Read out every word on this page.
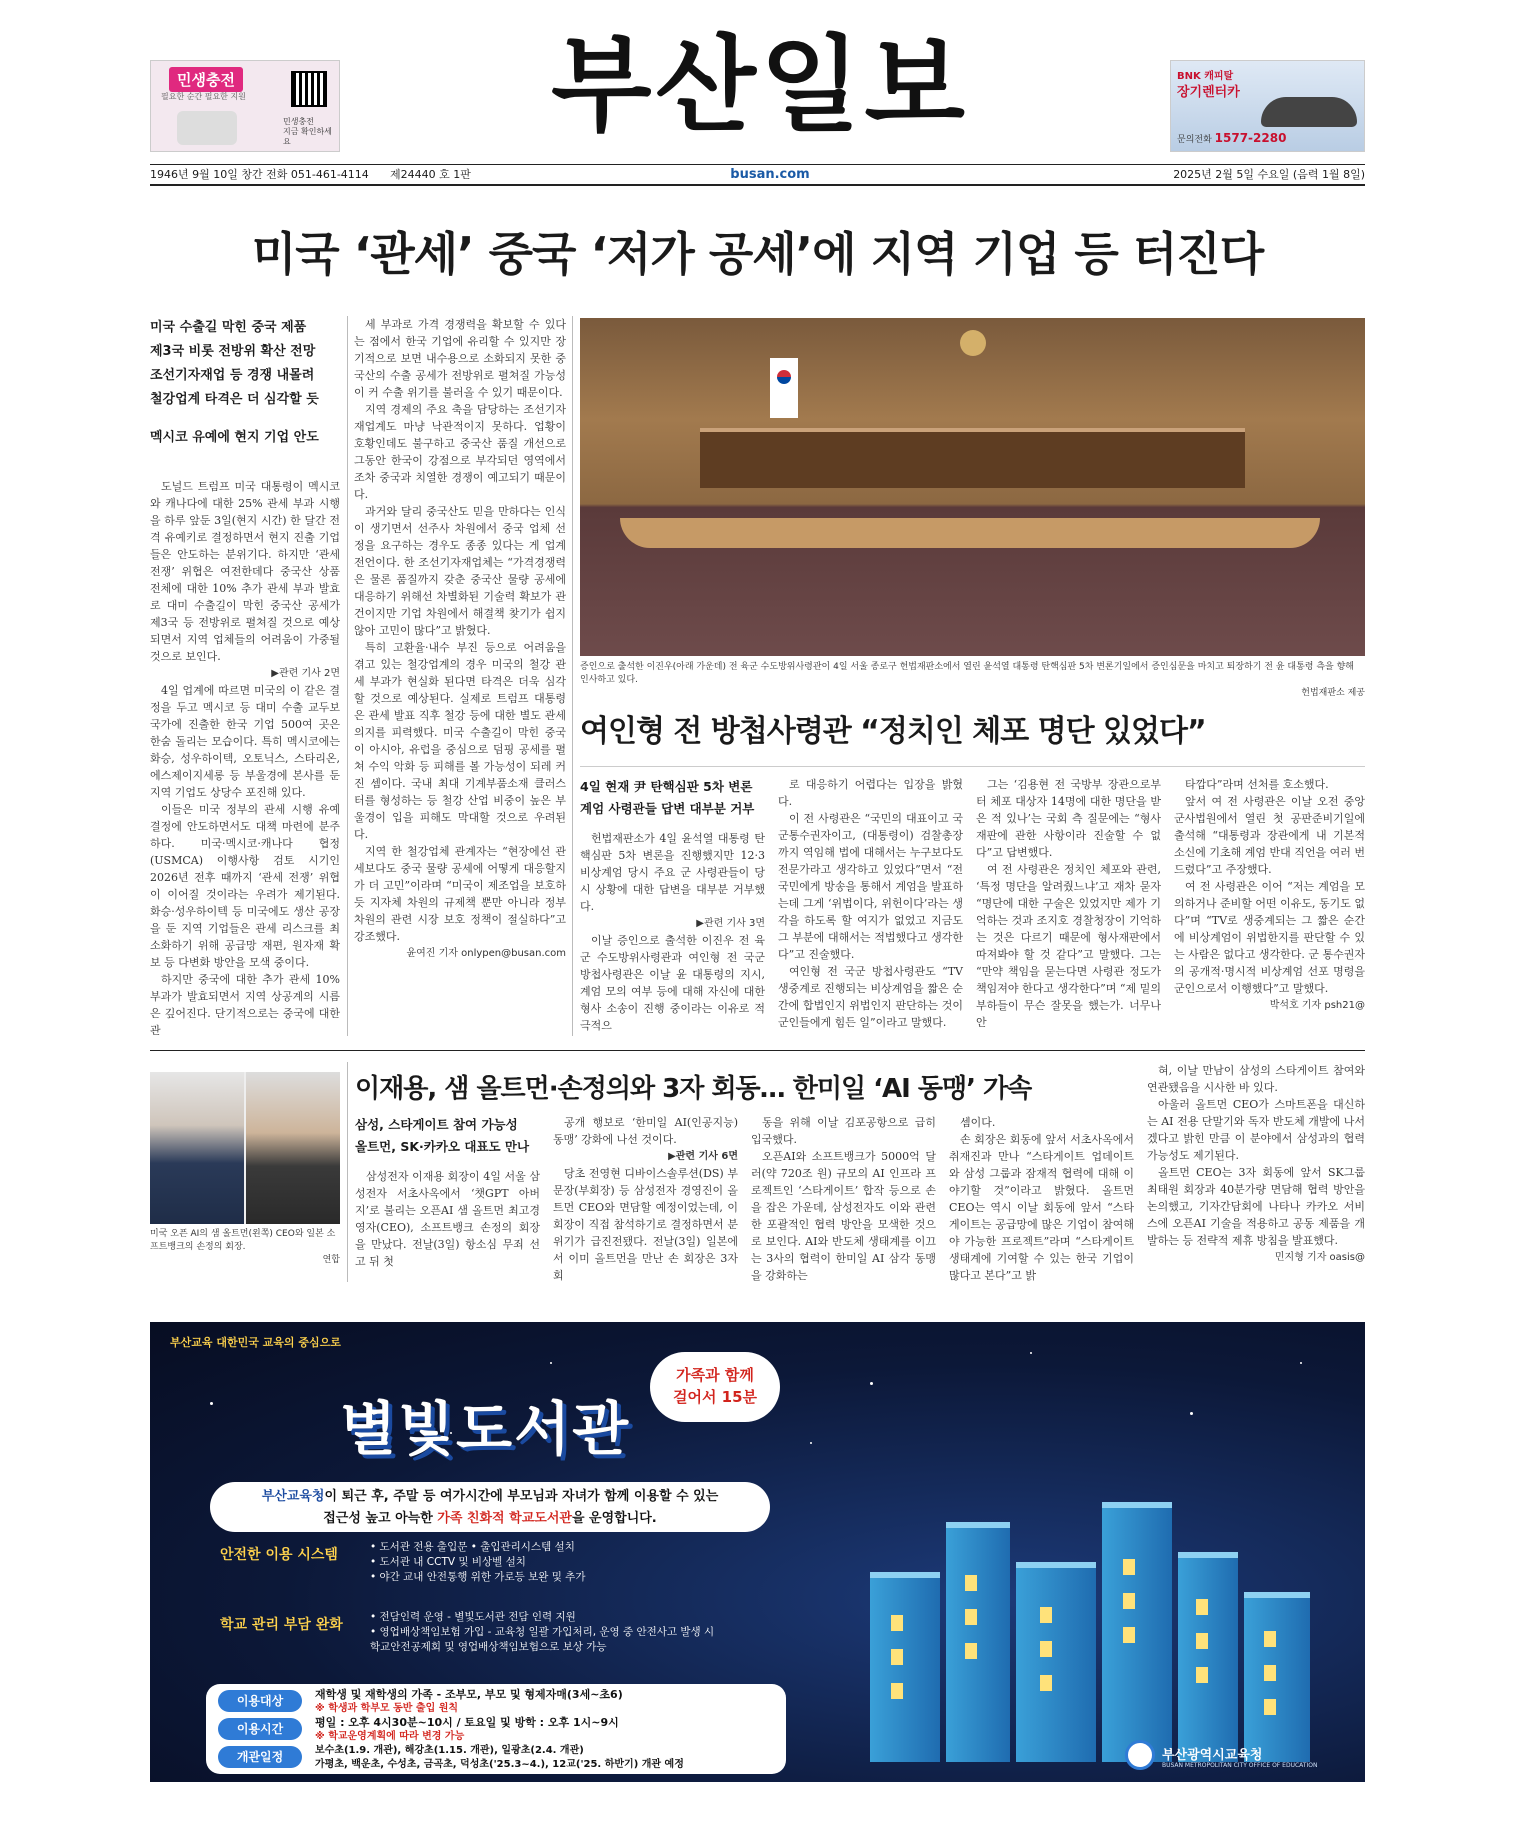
민생충전
필요한 순간 필요한 지원
민생충전
지금 확인하세요	부산일보	BNK 캐피탈
장기렌터카
문의전화 1577-2280
1946년 9월 10일 창간 전화 051-461-4114 제24440 호 1판	busan.com	2025년 2월 5일 수요일 (음력 1월 8일)
미국 ‘관세’ 중국 ‘저가 공세’에 지역 기업 등 터진다
미국 수출길 막힌 중국 제품
제3국 비롯 전방위 확산 전망
조선기자재업 등 경쟁 내몰려
철강업계 타격은 더 심각할 듯
멕시코 유예에 현지 기업 안도

도널드 트럼프 미국 대통령이 멕시코와 캐나다에 대한 25% 관세 부과 시행을 하루 앞둔 3일(현지 시간) 한 달간 전격 유예키로 결정하면서 현지 진출 기업들은 안도하는 분위기다. 하지만 ‘관세 전쟁’ 위협은 여전한데다 중국산 상품 전체에 대한 10% 추가 관세 부과 발효로 대미 수출길이 막힌 중국산 공세가 제3국 등 전방위로 펼쳐질 것으로 예상되면서 지역 업체들의 어려움이 가중될 것으로 보인다.

▶관련 기사 2면

4일 업계에 따르면 미국의 이 같은 결정을 두고 멕시코 등 대미 수출 교두보 국가에 진출한 한국 기업 500여 곳은 한숨 돌리는 모습이다. 특히 멕시코에는 화승, 성우하이텍, 오토닉스, 스타리온, 에스제이지세롱 등 부울경에 본사를 둔 지역 기업도 상당수 포진해 있다.

이들은 미국 정부의 관세 시행 유예 결정에 안도하면서도 대책 마련에 분주하다. 미국·멕시코·캐나다 협정(USMCA) 이행사항 검토 시기인 2026년 전후 때까지 ‘관세 전쟁’ 위협이 이어질 것이라는 우려가 제기된다. 화승·성우하이텍 등 미국에도 생산 공장을 둔 지역 기업들은 관세 리스크를 최소화하기 위해 공급망 재편, 원자재 확보 등 다변화 방안을 모색 중이다.

하지만 중국에 대한 추가 관세 10% 부과가 발효되면서 지역 상공계의 시름은 깊어진다. 단기적으로는 중국에 대한 관

세 부과로 가격 경쟁력을 확보할 수 있다는 점에서 한국 기업에 유리할 수 있지만 장기적으로 보면 내수용으로 소화되지 못한 중국산의 수출 공세가 전방위로 펼쳐질 가능성이 커 수출 위기를 불러올 수 있기 때문이다.

지역 경제의 주요 축을 담당하는 조선기자재업계도 마냥 낙관적이지 못하다. 업황이 호황인데도 불구하고 중국산 품질 개선으로 그동안 한국이 강점으로 부각되던 영역에서조차 중국과 치열한 경쟁이 예고되기 때문이다.

과거와 달리 중국산도 믿을 만하다는 인식이 생기면서 선주사 차원에서 중국 업체 선정을 요구하는 경우도 종종 있다는 게 업계 전언이다. 한 조선기자재업체는 “가격경쟁력은 물론 품질까지 갖춘 중국산 물량 공세에 대응하기 위해선 차별화된 기술력 확보가 관건이지만 기업 차원에서 해결책 찾기가 쉽지 않아 고민이 많다”고 밝혔다.

특히 고환율·내수 부진 등으로 어려움을 겪고 있는 철강업계의 경우 미국의 철강 관세 부과가 현실화 된다면 타격은 더욱 심각할 것으로 예상된다. 실제로 트럼프 대통령은 관세 발표 직후 철강 등에 대한 별도 관세 의지를 피력했다. 미국 수출길이 막힌 중국이 아시아, 유럽을 중심으로 덤핑 공세를 펼쳐 수익 악화 등 피해를 볼 가능성이 되레 커진 셈이다. 국내 최대 기계부품소재 클러스터를 형성하는 등 철강 산업 비중이 높은 부울경이 입을 피해도 막대할 것으로 우려된다.

지역 한 철강업체 관계자는 “현장에선 관세보다도 중국 물량 공세에 어떻게 대응할지가 더 고민”이라며 “미국이 제조업을 보호하듯 지자체 차원의 규제책 뿐만 아니라 정부 차원의 관련 시장 보호 정책이 절실하다”고 강조했다.

윤여진 기자 onlypen@busan.com
증인으로 출석한 이진우(아래 가운데) 전 육군 수도방위사령관이 4일 서울 종로구 헌법재판소에서 열린 윤석열 대통령 탄핵심판 5차 변론기일에서 증인심문을 마치고 퇴장하기 전 윤 대통령 측을 향해 인사하고 있다.
헌법재판소 제공
여인형 전 방첩사령관 “정치인 체포 명단 있었다”
4일 현재 尹 탄핵심판 5차 변론
계엄 사령관들 답변 대부분 거부

헌법재판소가 4일 윤석열 대통령 탄핵심판 5차 변론을 진행했지만 12·3 비상계엄 당시 주요 군 사령관들이 당시 상황에 대한 답변을 대부분 거부했다.

▶관련 기사 3면

이날 증인으로 출석한 이진우 전 육군 수도방위사령관과 여인형 전 국군 방첩사령관은 이날 윤 대통령의 지시, 계엄 모의 여부 등에 대해 자신에 대한 형사 소송이 진행 중이라는 이유로 적극적으

로 대응하기 어렵다는 입장을 밝혔다.

이 전 사령관은 “국민의 대표이고 국군통수권자이고, (대통령이) 검찰총장까지 역임해 법에 대해서는 누구보다도 전문가라고 생각하고 있었다”면서 “전국민에게 방송을 통해서 계엄을 발표하는데 그게 ‘위법이다, 위헌이다’라는 생각을 하도록 할 여지가 없었고 지금도 그 부분에 대해서는 적법했다고 생각한다”고 진술했다.

여인형 전 국군 방첩사령관도 “TV 생중계로 진행되는 비상계엄을 짧은 순간에 합법인지 위법인지 판단하는 것이 군인들에게 힘든 일”이라고 말했다.

그는 ‘김용현 전 국방부 장관으로부터 체포 대상자 14명에 대한 명단을 받은 적 있나’는 국회 측 질문에는 “형사재판에 관한 사항이라 진술할 수 없다”고 답변했다.

여 전 사령관은 정치인 체포와 관련, ‘특정 명단을 알려줬느냐’고 재차 묻자 “명단에 대한 구술은 있었지만 제가 기억하는 것과 조지호 경찰청장이 기억하는 것은 다르기 때문에 형사재판에서 따져봐야 할 것 같다”고 말했다. 그는 “만약 책임을 묻는다면 사령관 정도가 책임져야 한다고 생각한다”며 “제 밑의 부하들이 무슨 잘못을 했는가. 너무나 안

타깝다”라며 선처를 호소했다.

앞서 여 전 사령관은 이날 오전 중앙군사법원에서 열린 첫 공판준비기일에 출석해 “대통령과 장관에게 내 기본적 소신에 기초해 계엄 반대 직언을 여러 번 드렸다”고 주장했다.

여 전 사령관은 이어 “저는 계엄을 모의하거나 준비할 어떤 이유도, 동기도 없다”며 “TV로 생중계되는 그 짧은 순간에 비상계엄이 위법한지를 판단할 수 있는 사람은 없다고 생각한다. 군 통수권자의 공개적·명시적 비상계엄 선포 명령을 군인으로서 이행했다”고 말했다.

박석호 기자 psh21@
미국 오픈 AI의 샘 올트먼(왼쪽) CEO와 일본 소프트뱅크의 손정의 회장.
연합
이재용, 샘 올트먼·손정의와 3자 회동… 한미일 ‘AI 동맹’ 가속
삼성, 스타게이트 참여 가능성
올트먼, SK·카카오 대표도 만나

삼성전자 이재용 회장이 4일 서울 삼성전자 서초사옥에서 ‘챗GPT 아버지’로 불리는 오픈AI 샘 올트먼 최고경영자(CEO), 소프트뱅크 손정의 회장을 만났다. 전날(3일) 항소심 무죄 선고 뒤 첫

공개 행보로 ‘한미일 AI(인공지능) 동맹’ 강화에 나선 것이다.

▶관련 기사 6면

당초 전영현 디바이스솔루션(DS) 부문장(부회장) 등 삼성전자 경영진이 올트먼 CEO와 면담할 예정이었는데, 이 회장이 직접 참석하기로 결정하면서 분위기가 급진전됐다. 전날(3일) 일본에서 이미 올트먼을 만난 손 회장은 3자 회

동을 위해 이날 김포공항으로 급히 입국했다.

오픈AI와 소프트뱅크가 5000억 달러(약 720조 원) 규모의 AI 인프라 프로젝트인 ‘스타게이트’ 합작 등으로 손을 잡은 가운데, 삼성전자도 이와 관련한 포괄적인 협력 방안을 모색한 것으로 보인다. AI와 반도체 생태계를 이끄는 3사의 협력이 한미일 AI 삼각 동맹을 강화하는

셈이다.

손 회장은 회동에 앞서 서초사옥에서 취재진과 만나 “스타게이트 업데이트와 삼성 그룹과 잠재적 협력에 대해 이야기할 것”이라고 밝혔다. 올트먼 CEO는 역시 이날 회동에 앞서 “스타게이트는 공급망에 많은 기업이 참여해야 가능한 프로젝트”라며 “스타게이트 생태계에 기여할 수 있는 한국 기업이 많다고 본다”고 밝

혀, 이날 만남이 삼성의 스타게이트 참여와 연관됐음을 시사한 바 있다.

아울러 올트먼 CEO가 스마트폰을 대신하는 AI 전용 단말기와 독자 반도체 개발에 나서겠다고 밝힌 만큼 이 분야에서 삼성과의 협력 가능성도 제기된다.

올트먼 CEO는 3자 회동에 앞서 SK그룹 최태원 회장과 40분가량 면담해 협력 방안을 논의했고, 기자간담회에 나타나 카카오 서비스에 오픈AI 기술을 적용하고 공동 제품을 개발하는 등 전략적 제휴 방침을 발표했다.

민지형 기자 oasis@
부산교육 대한민국 교육의 중심으로
별빛도서관
가족과 함께
걸어서 15분
부산교육청이 퇴근 후, 주말 등 여가시간에 부모님과 자녀가 함께 이용할 수 있는
접근성 높고 아늑한 가족 친화적 학교도서관을 운영합니다.
안전한 이용 시스템	• 도서관 전용 출입문 • 출입관리시스템 설치
• 도서관 내 CCTV 및 비상벨 설치
• 야간 교내 안전통행 위한 가로등 보완 및 추가
학교 관리 부담 완화	• 전담인력 운영 - 별빛도서관 전담 인력 지원
• 영업배상책임보험 가입 - 교육청 일괄 가입처리, 운영 중 안전사고 발생 시
학교안전공제회 및 영업배상책임보험으로 보상 가능
이용대상	재학생 및 재학생의 가족 - 조부모, 부모 및 형제자매(3세~초6)
※ 학생과 학부모 동반 출입 원칙
이용시간	평일 : 오후 4시30분~10시 / 토요일 및 방학 : 오후 1시~9시
※ 학교운영계획에 따라 변경 가능
개관일정	보수초(1.9. 개관), 해강초(1.15. 개관), 일광초(2.4. 개관)
가평초, 백운초, 수성초, 금곡초, 덕성초('25.3~4.), 12교('25. 하반기) 개관 예정
부산광역시교육청
BUSAN METROPOLITAN CITY OFFICE OF EDUCATION
